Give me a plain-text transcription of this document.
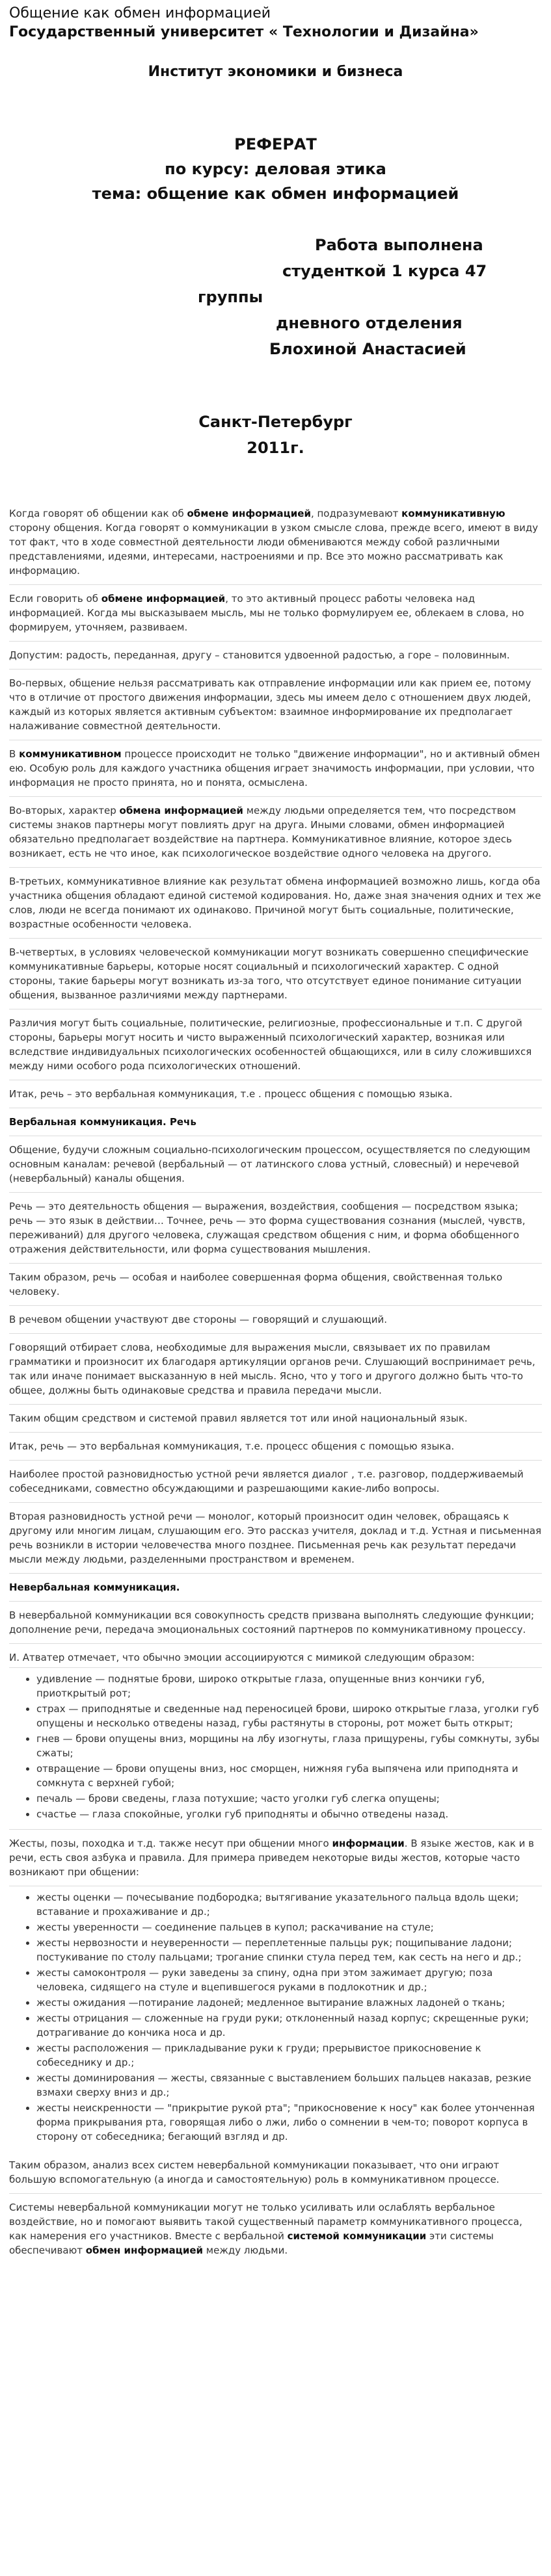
Общение как обмен информацией
Государственный университет « Технологии и Дизайна»
Институт экономики и бизнеса
РЕФЕРАТ
по курсу: деловая этика
тема: общение как обмен информацией
Работа выполнена
студенткой 1 курса 47
группы
дневного отделения
Блохиной Анастасией
Санкт-Петербург
2011г.

Когда говорят об общении как об обмене информацией, подразумевают коммуникативную сторону общения. Когда говорят о коммуникации в узком смысле слова, прежде всего, имеют в виду тот факт, что в ходе совместной деятельности люди обмениваются между собой различными представлениями, идеями, интересами, настроениями и пр. Все это можно рассматривать как информацию.

Если говорить об обмене информацией, то это активный процесс работы человека над информацией. Когда мы высказываем мысль, мы не только формулируем ее, облекаем в слова, но формируем, уточняем, развиваем.

Допустим: радость, переданная, другу – становится удвоенной радостью, а горе – половинным.

Во-первых, общение нельзя рассматривать как отправление информации или как прием ее, потому что в отличие от простого движения информации, здесь мы имеем дело с отношением двух людей, каждый из которых является активным субъектом: взаимное информирование их предполагает налаживание совместной деятельности.

В коммуникативном процессе происходит не только "движение информации", но и активный обмен ею. Особую роль для каждого участника общения играет значимость информации, при условии, что информация не просто принята, но и понята, осмыслена.

Во-вторых, характер обмена информацией между людьми определяется тем, что посредством системы знаков партнеры могут повлиять друг на друга. Иными словами, обмен информацией обязательно предполагает воздействие на партнера. Коммуникативное влияние, которое здесь возникает, есть не что иное, как психологическое воздействие одного человека на другого.

В-третьих, коммуникативное влияние как результат обмена информацией возможно лишь, когда оба участника общения обладают единой системой кодирования. Но, даже зная значения одних и тех же слов, люди не всегда понимают их одинаково. Причиной могут быть социальные, политические, возрастные особенности человека.

В-четвертых, в условиях человеческой коммуникации могут возникать совершенно специфические коммуникативные барьеры, которые носят социальный и психологический характер. С одной стороны, такие барьеры могут возникать из-за того, что отсутствует единое понимание ситуации общения, вызванное различиями между партнерами.

Различия могут быть социальные, политические, религиозные, профессиональные и т.п. С другой стороны, барьеры могут носить и чисто выраженный психологический характер, возникая или вследствие индивидуальных психологических особенностей общающихся, или в силу сложившихся между ними особого рода психологических отношений.

Итак, речь – это вербальная коммуникация, т.е . процесс общения с помощью языка.

Вербальная коммуникация. Речь

Общение, будучи сложным социально-психологическим процессом, осуществляется по следующим основным каналам: речевой (вербальный — от латинского слова устный, словесный) и неречевой (невербальный) каналы общения.

Речь — это деятельность общения — выражения, воздействия, сообщения — посредством языка; речь — это язык в действии… Точнее, речь — это форма существования сознания (мыслей, чувств, переживаний) для другого человека, служащая средством общения с ним, и форма обобщенного отражения действительности, или форма существования мышления.

Таким образом, речь — особая и наиболее совершенная форма общения, свойственная только человеку.

В речевом общении участвуют две стороны — говорящий и слушающий.

Говорящий отбирает слова, необходимые для выражения мысли, связывает их по правилам грамматики и произносит их благодаря артикуляции органов речи. Слушающий воспринимает речь, так или иначе понимает высказанную в ней мысль. Ясно, что у того и другого должно быть что-то общее, должны быть одинаковые средства и правила передачи мысли.

Таким общим средством и системой правил является тот или иной национальный язык.

Итак, речь — это вербальная коммуникация, т.е. процесс общения с помощью языка.

Наиболее простой разновидностью устной речи является диалог , т.е. разговор, поддерживаемый собеседниками, совместно обсуждающими и разрешающими какие-либо вопросы.

Вторая разновидность устной речи — монолог, который произносит один человек, обращаясь к другому или многим лицам, слушающим его. Это рассказ учителя, доклад и т.д. Устная и письменная речь возникли в истории человечества много позднее. Письменная речь как результат передачи мысли между людьми, разделенными пространством и временем.

Невербальная коммуникация.

В невербальной коммуникации вся совокупность средств призвана выполнять следующие функции; дополнение речи, передача эмоциональных состояний партнеров по коммуникативному процессу.

И. Атватер отмечает, что обычно эмоции ассоциируются с мимикой следующим образом:
• удивление — поднятые брови, широко открытые глаза, опущенные вниз кончики губ, приоткрытый рот;
• страх — приподнятые и сведенные над переносицей брови, широко открытые глаза, уголки губ опущены и несколько отведены назад, губы растянуты в стороны, рот может быть открыт;
• гнев — брови опущены вниз, морщины на лбу изогнуты, глаза прищурены, губы сомкнуты, зубы сжаты;
• отвращение — брови опущены вниз, нос сморщен, нижняя губа выпячена или приподнята и сомкнута с верхней губой;
• печаль — брови сведены, глаза потухшие; часто уголки губ слегка опущены;
• счастье — глаза спокойные, уголки губ приподняты и обычно отведены назад.

Жесты, позы, походка и т.д. также несут при общении много информации. В языке жестов, как и в речи, есть своя азбука и правила. Для примера приведем некоторые виды жестов, которые часто возникают при общении:

• жесты оценки — почесывание подбородка; вытягивание указательного пальца вдоль щеки; вставание и прохаживание и др.;
• жесты уверенности — соединение пальцев в купол; раскачивание на стуле;
• жесты нервозности и неуверенности — переплетенные пальцы рук; пощипывание ладони; постукивание по столу пальцами; трогание спинки стула перед тем, как сесть на него и др.;
• жесты самоконтроля — руки заведены за спину, одна при этом зажимает другую; поза человека, сидящего на стуле и вцепившегося руками в подлокотник и др.;
• жесты ожидания —потирание ладоней; медленное вытирание влажных ладоней о ткань;
• жесты отрицания — сложенные на груди руки; отклоненный назад корпус; скрещенные руки; дотрагивание до кончика носа и др.
• жесты расположения — прикладывание руки к груди; прерывистое прикосновение к собеседнику и др.;
• жесты доминирования — жесты, связанные с выставлением больших пальцев наказав, резкие взмахи сверху вниз и др.;
• жесты неискренности — "прикрытие рукой рта"; "прикосновение к носу" как более утонченная форма прикрывания рта, говорящая либо о лжи, либо о сомнении в чем-то; поворот корпуса в сторону от собеседника; бегающий взгляд и др.

Таким образом, анализ всех систем невербальной коммуникации показывает, что они играют большую вспомогательную (а иногда и самостоятельную) роль в коммуникативном процессе.

Системы невербальной коммуникации могут не только усиливать или ослаблять вербальное воздействие, но и помогают выявить такой существенный параметр коммуникативного процесса, как намерения его участников. Вместе с вербальной системой коммуникации эти системы обеспечивают обмен информацией между людьми.
